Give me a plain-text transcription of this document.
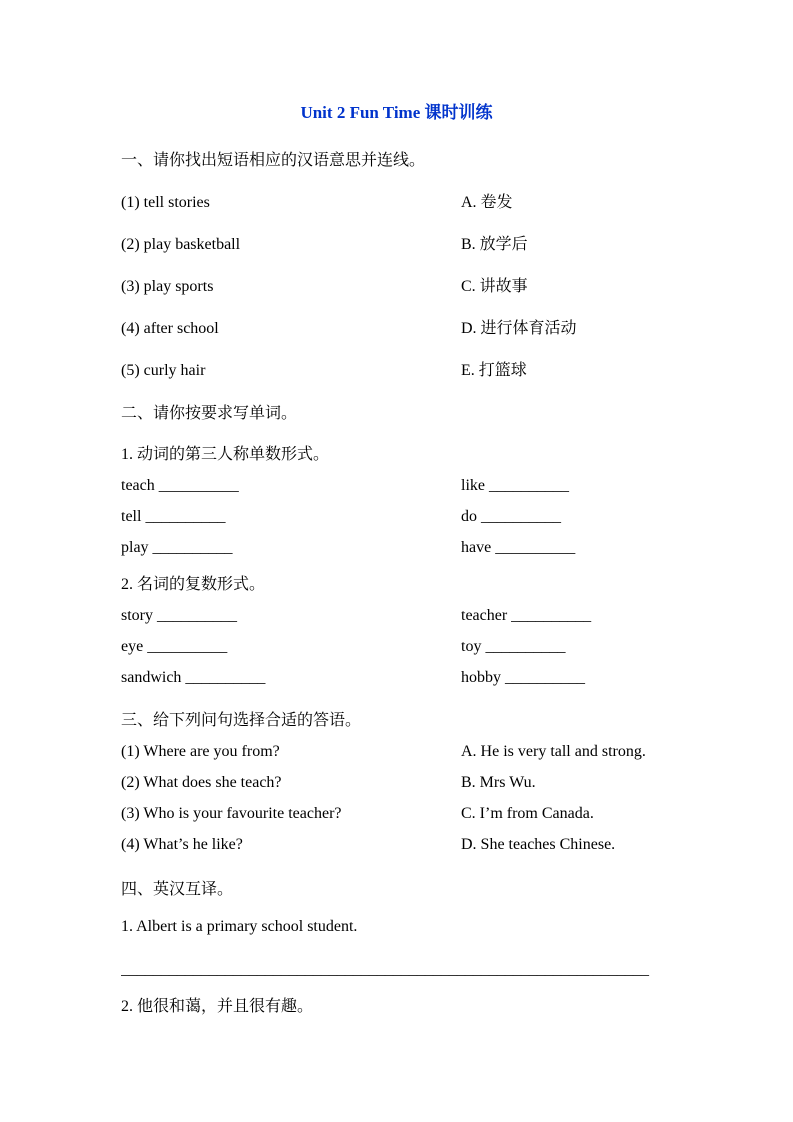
Unit 2 Fun Time 课时训练
一、请你找出短语相应的汉语意思并连线。
(1) tell stories	A. 卷发
(2) play basketball	B. 放学后
(3) play sports	C. 讲故事
(4) after school	D. 进行体育活动
(5) curly hair	E. 打篮球
二、请你按要求写单词。
1. 动词的第三人称单数形式。
teach __________	like __________
tell __________	do __________
play __________	have __________
2. 名词的复数形式。
story __________	teacher __________
eye __________	toy __________
sandwich __________	hobby __________
三、给下列问句选择合适的答语。
(1) Where are you from?	A. He is very tall and strong.
(2) What does she teach?	B. Mrs Wu.
(3) Who is your favourite teacher?	C. I’m from Canada.
(4) What’s he like?	D. She teaches Chinese.
四、英汉互译。
1. Albert is a primary school student.
__________________________________________________________________
2. 他很和蔼，并且很有趣。
